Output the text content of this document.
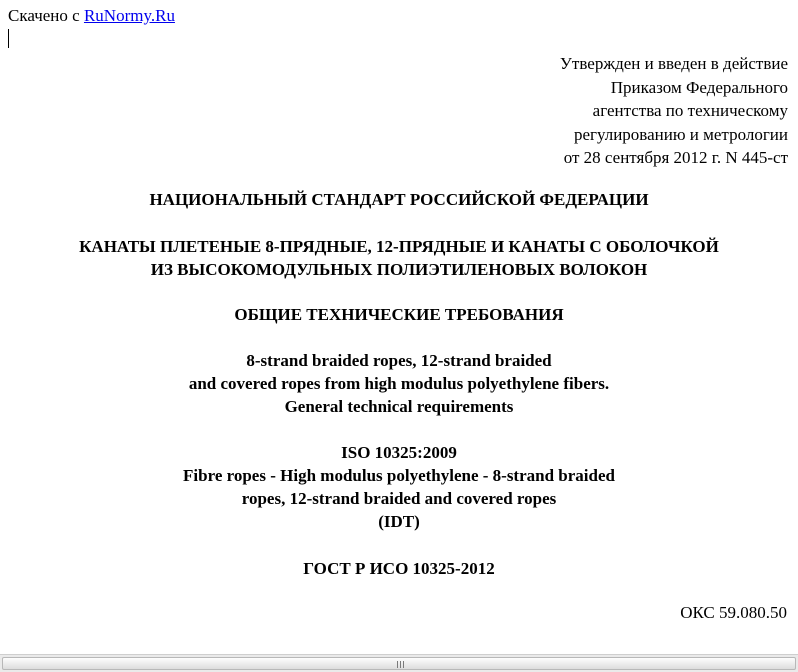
Скачено с RuNormy.Ru
Утвержден и введен в действие
Приказом Федерального
агентства по техническому
регулированию и метрологии
от 28 сентября 2012 г. N 445-ст
НАЦИОНАЛЬНЫЙ СТАНДАРТ РОССИЙСКОЙ ФЕДЕРАЦИИ
КАНАТЫ ПЛЕТЕНЫЕ 8-ПРЯДНЫЕ, 12-ПРЯДНЫЕ И КАНАТЫ С ОБОЛОЧКОЙ
ИЗ ВЫСОКОМОДУЛЬНЫХ ПОЛИЭТИЛЕНОВЫХ ВОЛОКОН
ОБЩИЕ ТЕХНИЧЕСКИЕ ТРЕБОВАНИЯ
8-strand braided ropes, 12-strand braided
and covered ropes from high modulus polyethylene fibers.
General technical requirements
ISO 10325:2009
Fibre ropes - High modulus polyethylene - 8-strand braided
ropes, 12-strand braided and covered ropes
(IDT)
ГОСТ Р ИСО 10325-2012
ОКС 59.080.50
